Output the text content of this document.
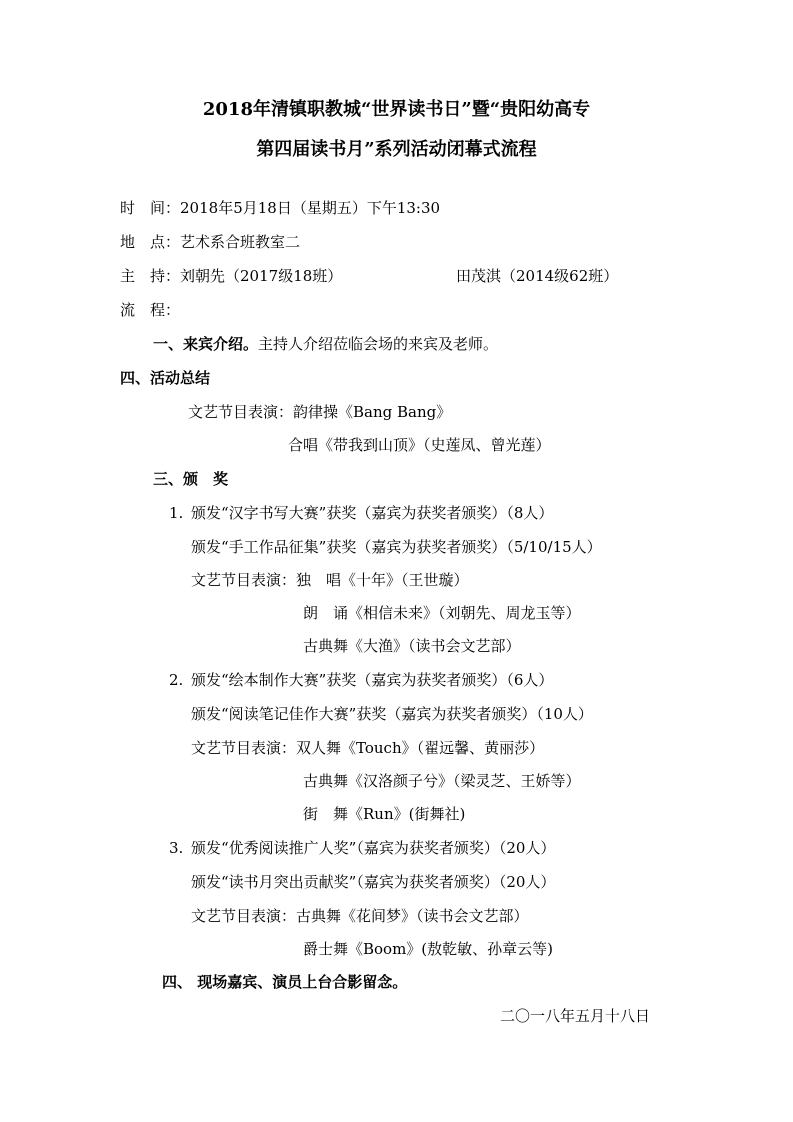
2018年清镇职教城“世界读书日”暨“贵阳幼高专
第四届读书月”系列活动闭幕式流程
时　间：2018年5月18日（星期五）下午13:30
地　点：艺术系合班教室二
主　持：刘朝先（2017级18班）	田茂淇（2014级62班）
流　程：
一、来宾介绍。主持人介绍莅临会场的来宾及老师。
四、活动总结
文艺节目表演：韵律操《Bang Bang》
合唱《带我到山顶》（史莲凤、曾光莲）
三、颁　奖
1. 颁发“汉字书写大赛”获奖（嘉宾为获奖者颁奖）（8人）
颁发“手工作品征集”获奖（嘉宾为获奖者颁奖）（5/10/15人）
文艺节目表演：独　唱《十年》（王世璇）
朗　诵《相信未来》（刘朝先、周龙玉等）
古典舞《大渔》（读书会文艺部）
2. 颁发“绘本制作大赛”获奖（嘉宾为获奖者颁奖）（6人）
颁发“阅读笔记佳作大赛”获奖（嘉宾为获奖者颁奖）（10人）
文艺节目表演：双人舞《Touch》（翟远馨、黄丽莎）
古典舞《汉洛颜子兮》（梁灵芝、王娇等）
街　舞《Run》(街舞社)
3. 颁发“优秀阅读推广人奖”（嘉宾为获奖者颁奖）（20人）
颁发“读书月突出贡献奖”（嘉宾为获奖者颁奖）（20人）
文艺节目表演：古典舞《花间梦》（读书会文艺部）
爵士舞《Boom》(敖乾敏、孙章云等)
四、 现场嘉宾、演员上台合影留念。
二〇一八年五月十八日
